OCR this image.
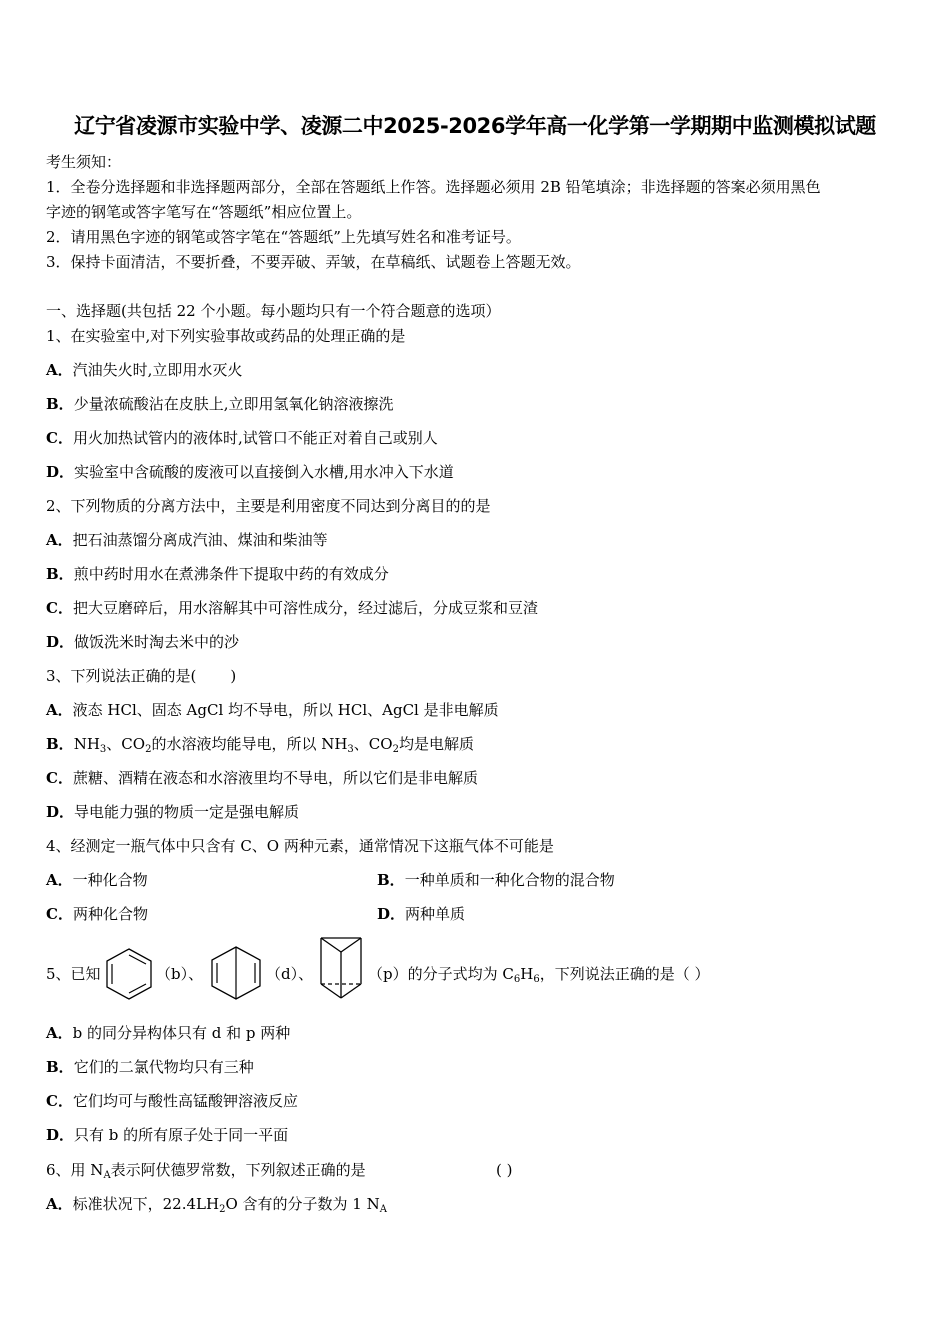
辽宁省凌源市实验中学、凌源二中2025-2026学年高一化学第一学期期中监测模拟试题
考生须知：
1．全卷分选择题和非选择题两部分，全部在答题纸上作答。选择题必须用 2B 铅笔填涂；非选择题的答案必须用黑色
字迹的钢笔或答字笔写在“答题纸”相应位置上。
2．请用黑色字迹的钢笔或答字笔在“答题纸”上先填写姓名和准考证号。
3．保持卡面清洁，不要折叠，不要弄破、弄皱，在草稿纸、试题卷上答题无效。
一、选择题(共包括 22 个小题。每小题均只有一个符合题意的选项）
1、在实验室中,对下列实验事故或药品的处理正确的是
A．汽油失火时,立即用水灭火
B．少量浓硫酸沾在皮肤上,立即用氢氧化钠溶液擦洗
C．用火加热试管内的液体时,试管口不能正对着自己或别人
D．实验室中含硫酸的废液可以直接倒入水槽,用水冲入下水道
2、下列物质的分离方法中，主要是利用密度不同达到分离目的的是
A．把石油蒸馏分离成汽油、煤油和柴油等
B．煎中药时用水在煮沸条件下提取中药的有效成分
C．把大豆磨碎后，用水溶解其中可溶性成分，经过滤后，分成豆浆和豆渣
D．做饭洗米时淘去米中的沙
3、下列说法正确的是( )
A．液态 HCl、固态 AgCl 均不导电，所以 HCl、AgCl 是非电解质
B．$NH_3$、$CO_2$的水溶液均能导电，所以 $NH_3$、$CO_2$均是电解质
C．蔗糖、酒精在液态和水溶液里均不导电，所以它们是非电解质
D．导电能力强的物质一定是强电解质
4、经测定一瓶气体中只含有 C、O 两种元素，通常情况下这瓶气体不可能是
A．一种化合物	B．一种单质和一种化合物的混合物
C．两种化合物	D．两种单质
5、已知	（b）、	（d）、	（p）的分子式均为 $C_6H_6$，下列说法正确的是（ ）
A．b 的同分异构体只有 d 和 p 两种
B．它们的二氯代物均只有三种
C．它们均可与酸性高锰酸钾溶液反应
D．只有 b 的所有原子处于同一平面
6、用 $N_A$表示阿伏德罗常数，下列叙述正确的是	( )
A．标准状况下，$22.4LH_2O$ 含有的分子数为 1 $N_A$
